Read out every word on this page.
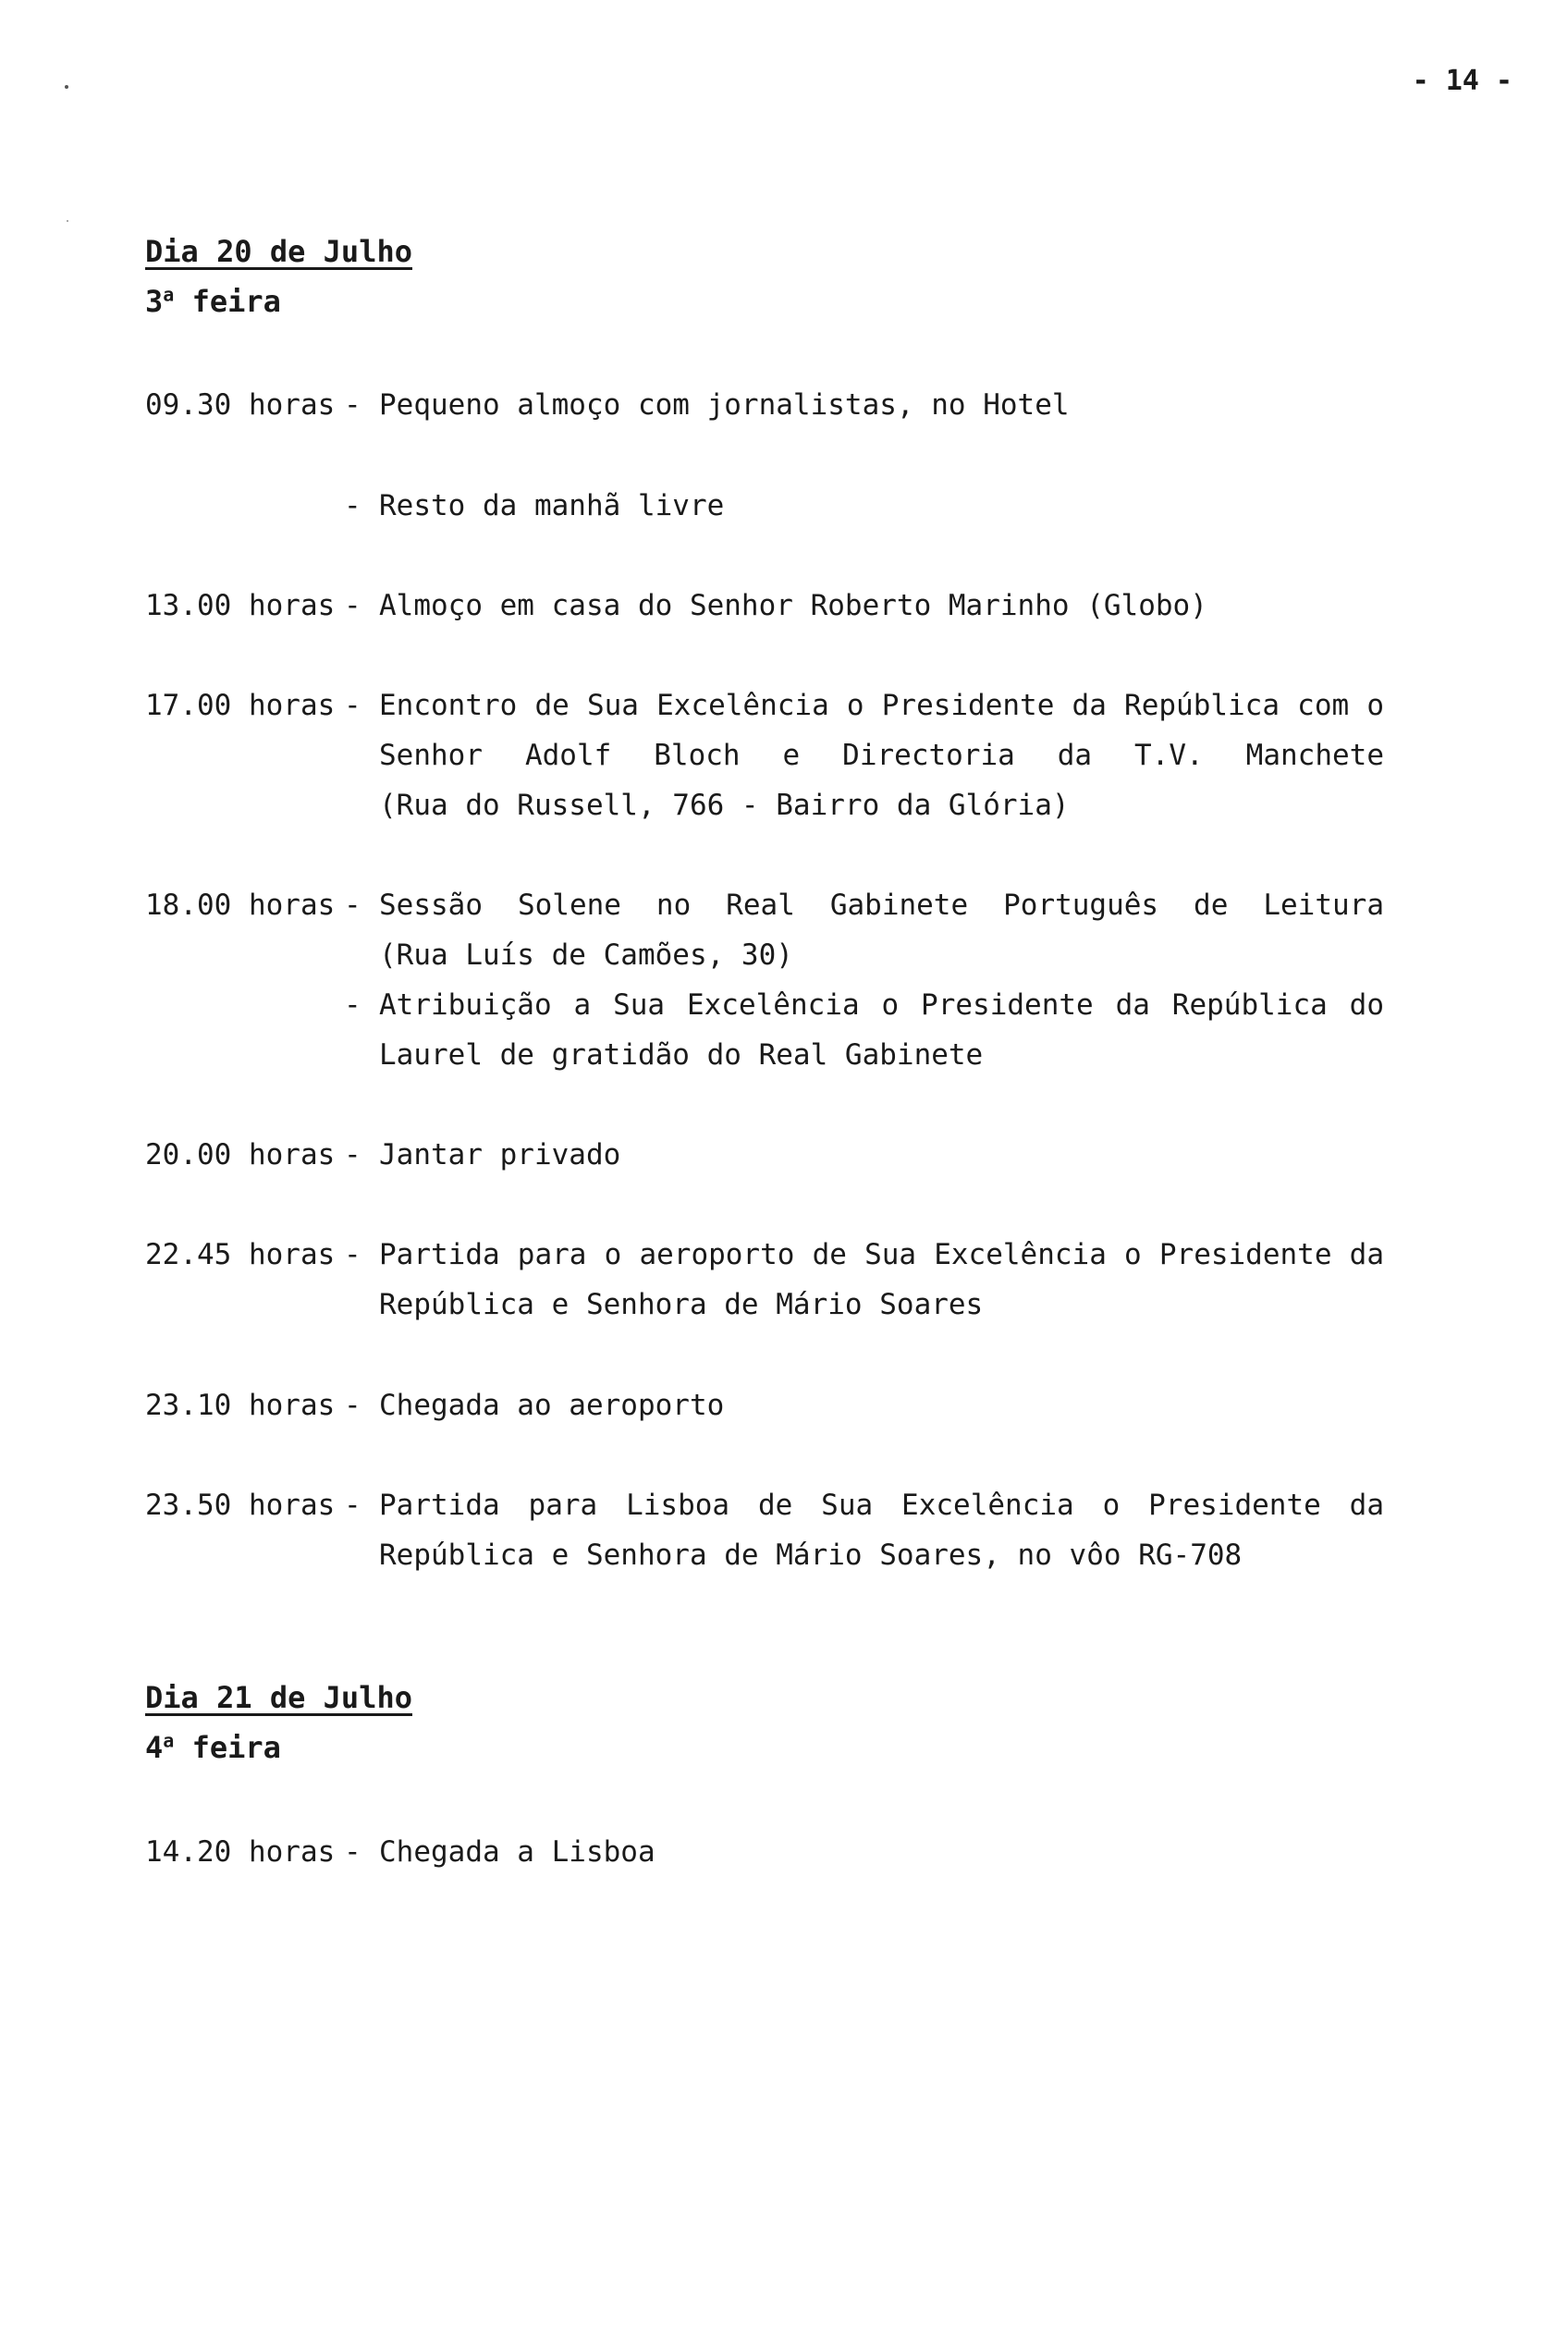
- 14 -

Dia 20 de Julho

3$^a$ feira

09.30 horas - Pequeno almoço com jornalistas, no Hotel
- Resto da manhã livre
13.00 horas - Almoço em casa do Senhor Roberto Marinho (Globo)
17.00 horas - Encontro de Sua Excelência o Presidente da República com o
Senhor Adolf Bloch e Directoria da T.V. Manchete
(Rua do Russell, 766 - Bairro da Glória)
18.00 horas - Sessão Solene no Real Gabinete Português de Leitura
(Rua Luís de Camões, 30)
- Atribuição a Sua Excelência o Presidente da República do
Laurel de gratidão do Real Gabinete
20.00 horas - Jantar privado
22.45 horas - Partida para o aeroporto de Sua Excelência o Presidente da
República e Senhora de Mário Soares
23.10 horas - Chegada ao aeroporto
23.50 horas - Partida para Lisboa de Sua Excelência o Presidente da
República e Senhora de Mário Soares, no vôo RG-708

Dia 21 de Julho

4$^a$ feira

14.20 horas - Chegada a Lisboa
